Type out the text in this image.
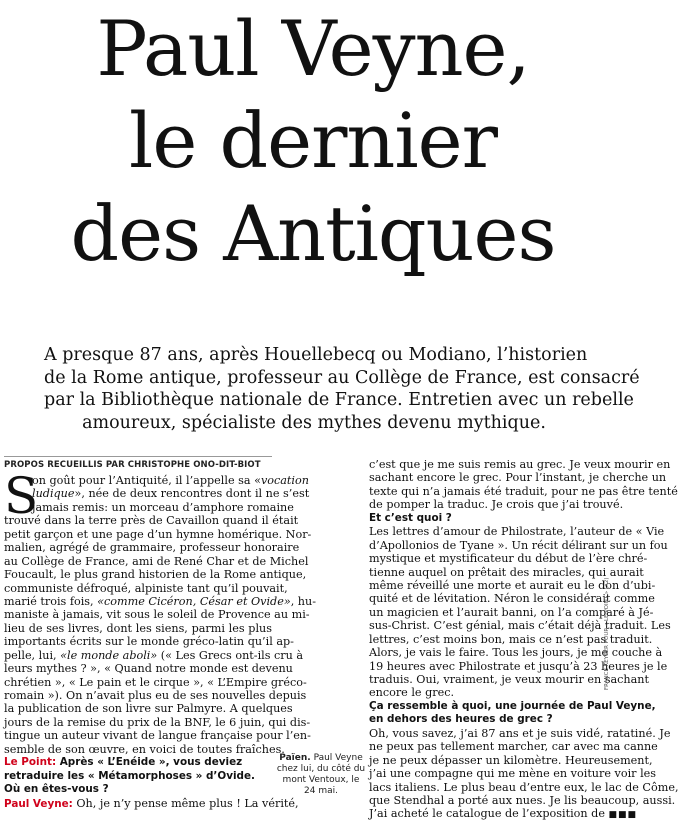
Paul Veyne,
le dernier
des Antiques
A presque 87 ans, après Houellebecq ou Modiano, l’historien
de la Rome antique, professeur au Collège de France, est consacré
par la Bibliothèque nationale de France. Entretien avec un rebelle
amoureux, spécialiste des mythes devenu mythique.
PROPOS RECUEILLIS PAR CHRISTOPHE ONO-DIT-BIOT
S
on goût pour l’Antiquité, il l’appelle sa «vocation
ludique», née de deux rencontres dont il ne s’est
jamais remis: un morceau d’amphore romaine
trouvé dans la terre près de Cavaillon quand il était
petit garçon et une page d’un hymne homérique. Nor-
malien, agrégé de grammaire, professeur honoraire
au Collège de France, ami de René Char et de Michel
Foucault, le plus grand historien de la Rome antique,
communiste défroqué, alpiniste tant qu’il pouvait,
marié trois fois, «comme Cicéron, César et Ovide», hu-
maniste à jamais, vit sous le soleil de Provence au mi-
lieu de ses livres, dont les siens, parmi les plus
importants écrits sur le monde gréco-latin qu’il ap-
pelle, lui, «le monde aboli» (« Les Grecs ont-ils cru à
leurs mythes ? », « Quand notre monde est devenu
chrétien », « Le pain et le cirque », « L’Empire gréco-
romain »). On n’avait plus eu de ses nouvelles depuis
la publication de son livre sur Palmyre. A quelques
jours de la remise du prix de la BNF, le 6 juin, qui dis-
tingue un auteur vivant de langue française pour l’en-
semble de son œuvre, en voici de toutes fraîches.
Le Point: Après « L’Enéide », vous deviez
retraduire les « Métamorphoses » d’Ovide.
Où en êtes-vous ?
Paul Veyne: Oh, je n’y pense même plus ! La vérité,
Païen. Paul Veyne chez lui, du côté du mont Ventoux, le 24 mai.
c’est que je me suis remis au grec. Je veux mourir en
sachant encore le grec. Pour l’instant, je cherche un
texte qui n’a jamais été traduit, pour ne pas être tenté
de pomper la traduc. Je crois que j’ai trouvé.
Et c’est quoi ?
Les lettres d’amour de Philostrate, l’auteur de « Vie
d’Apollonios de Tyane ». Un récit délirant sur un fou
mystique et mystificateur du début de l’ère chré-
tienne auquel on prêtait des miracles, qui aurait
même réveillé une morte et aurait eu le don d’ubi-
quité et de lévitation. Néron le considérait comme
un magicien et l’aurait banni, on l’a comparé à Jé-
sus-Christ. C’est génial, mais c’était déjà traduit. Les
lettres, c’est moins bon, mais ce n’est pas traduit.
Alors, je vais le faire. Tous les jours, je me couche à
19 heures avec Philostrate et jusqu’à 23 heures je le
traduis. Oui, vraiment, je veux mourir en sachant
encore le grec.
Ça ressemble à quoi, une journée de Paul Veyne,
en dehors des heures de grec ?
Oh, vous savez, j’ai 87 ans et je suis vidé, ratatiné. Je
ne peux pas tellement marcher, car avec ma canne
je ne peux dépasser un kilomètre. Heureusement,
j’ai une compagne qui me mène en voiture voir les
lacs italiens. Le plus beau d’entre eux, le lac de Côme,
que Stendhal a porté aux nues. Je lis beaucoup, aussi.
J’ai acheté le catalogue de l’exposition de ■■■
FRANCE KEYSER POUR « LE POINT » (X2)
